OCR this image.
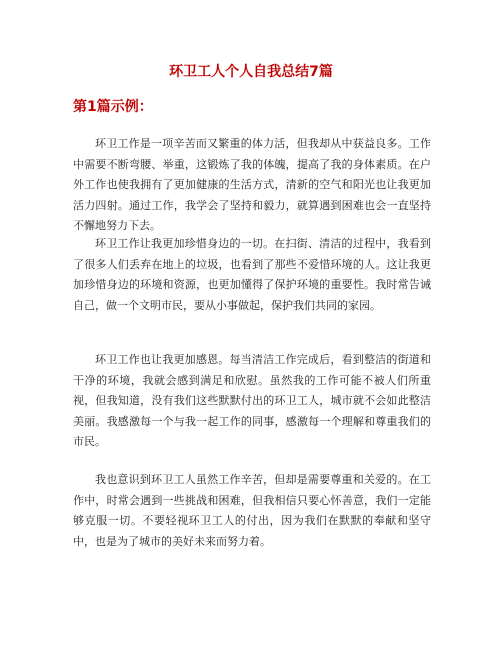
环卫工人个人自我总结7篇
第1篇示例：

环卫工作是一项辛苦而又繁重的体力活，但我却从中获益良多。工作中需要不断弯腰、举重，这锻炼了我的体魄，提高了我的身体素质。在户外工作也使我拥有了更加健康的生活方式，清新的空气和阳光也让我更加活力四射。通过工作，我学会了坚持和毅力，就算遇到困难也会一直坚持不懈地努力下去。

环卫工作让我更加珍惜身边的一切。在扫街、清洁的过程中，我看到了很多人们丢弃在地上的垃圾，也看到了那些不爱惜环境的人。这让我更加珍惜身边的环境和资源，也更加懂得了保护环境的重要性。我时常告诫自己，做一个文明市民，要从小事做起，保护我们共同的家园。

环卫工作也让我更加感恩。每当清洁工作完成后，看到整洁的街道和干净的环境，我就会感到满足和欣慰。虽然我的工作可能不被人们所重视，但我知道，没有我们这些默默付出的环卫工人，城市就不会如此整洁美丽。我感激每一个与我一起工作的同事，感激每一个理解和尊重我们的市民。

我也意识到环卫工人虽然工作辛苦，但却是需要尊重和关爱的。在工作中，时常会遇到一些挑战和困难，但我相信只要心怀善意，我们一定能够克服一切。不要轻视环卫工人的付出，因为我们在默默的奉献和坚守中，也是为了城市的美好未来而努力着。
